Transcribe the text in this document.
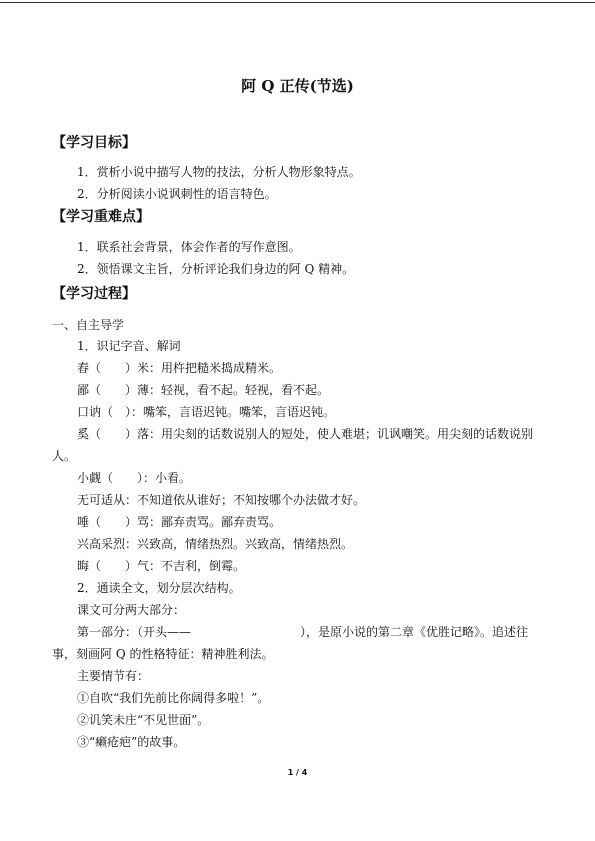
阿 Q 正传(节选)
【学习目标】
1．赏析小说中描写人物的技法，分析人物形象特点。
2．分析阅读小说讽刺性的语言特色。
【学习重难点】
1．联系社会背景，体会作者的写作意图。
2．领悟课文主旨，分析评论我们身边的阿 Q 精神。
【学习过程】
一、自主导学
1．识记字音、解词
舂（　　）米：用杵把糙米捣成精米。
鄙（　　）薄：轻视，看不起。轻视，看不起。
口讷（　）：嘴笨，言语迟钝。嘴笨，言语迟钝。
奚（　　）落：用尖刻的话数说别人的短处，使人难堪；讥讽嘲笑。用尖刻的话数说别
人。
小觑（　　）：小看。
无可适从：不知道依从谁好；不知按哪个办法做才好。
唾（　　）骂：鄙弃责骂。鄙弃责骂。
兴高采烈：兴致高，情绪热烈。兴致高，情绪热烈。
晦（　　）气：不吉利，倒霉。
2．通读全文，划分层次结构。
课文可分两大部分：
第一部分：（开头——	），是原小说的第二章《优胜记略》。追述往
事，刻画阿 Q 的性格特征：精神胜利法。
主要情节有：
①自吹“我们先前比你阔得多啦！”。
②讥笑未庄“不见世面”。
③“癞疮疤”的故事。
1 / 4
